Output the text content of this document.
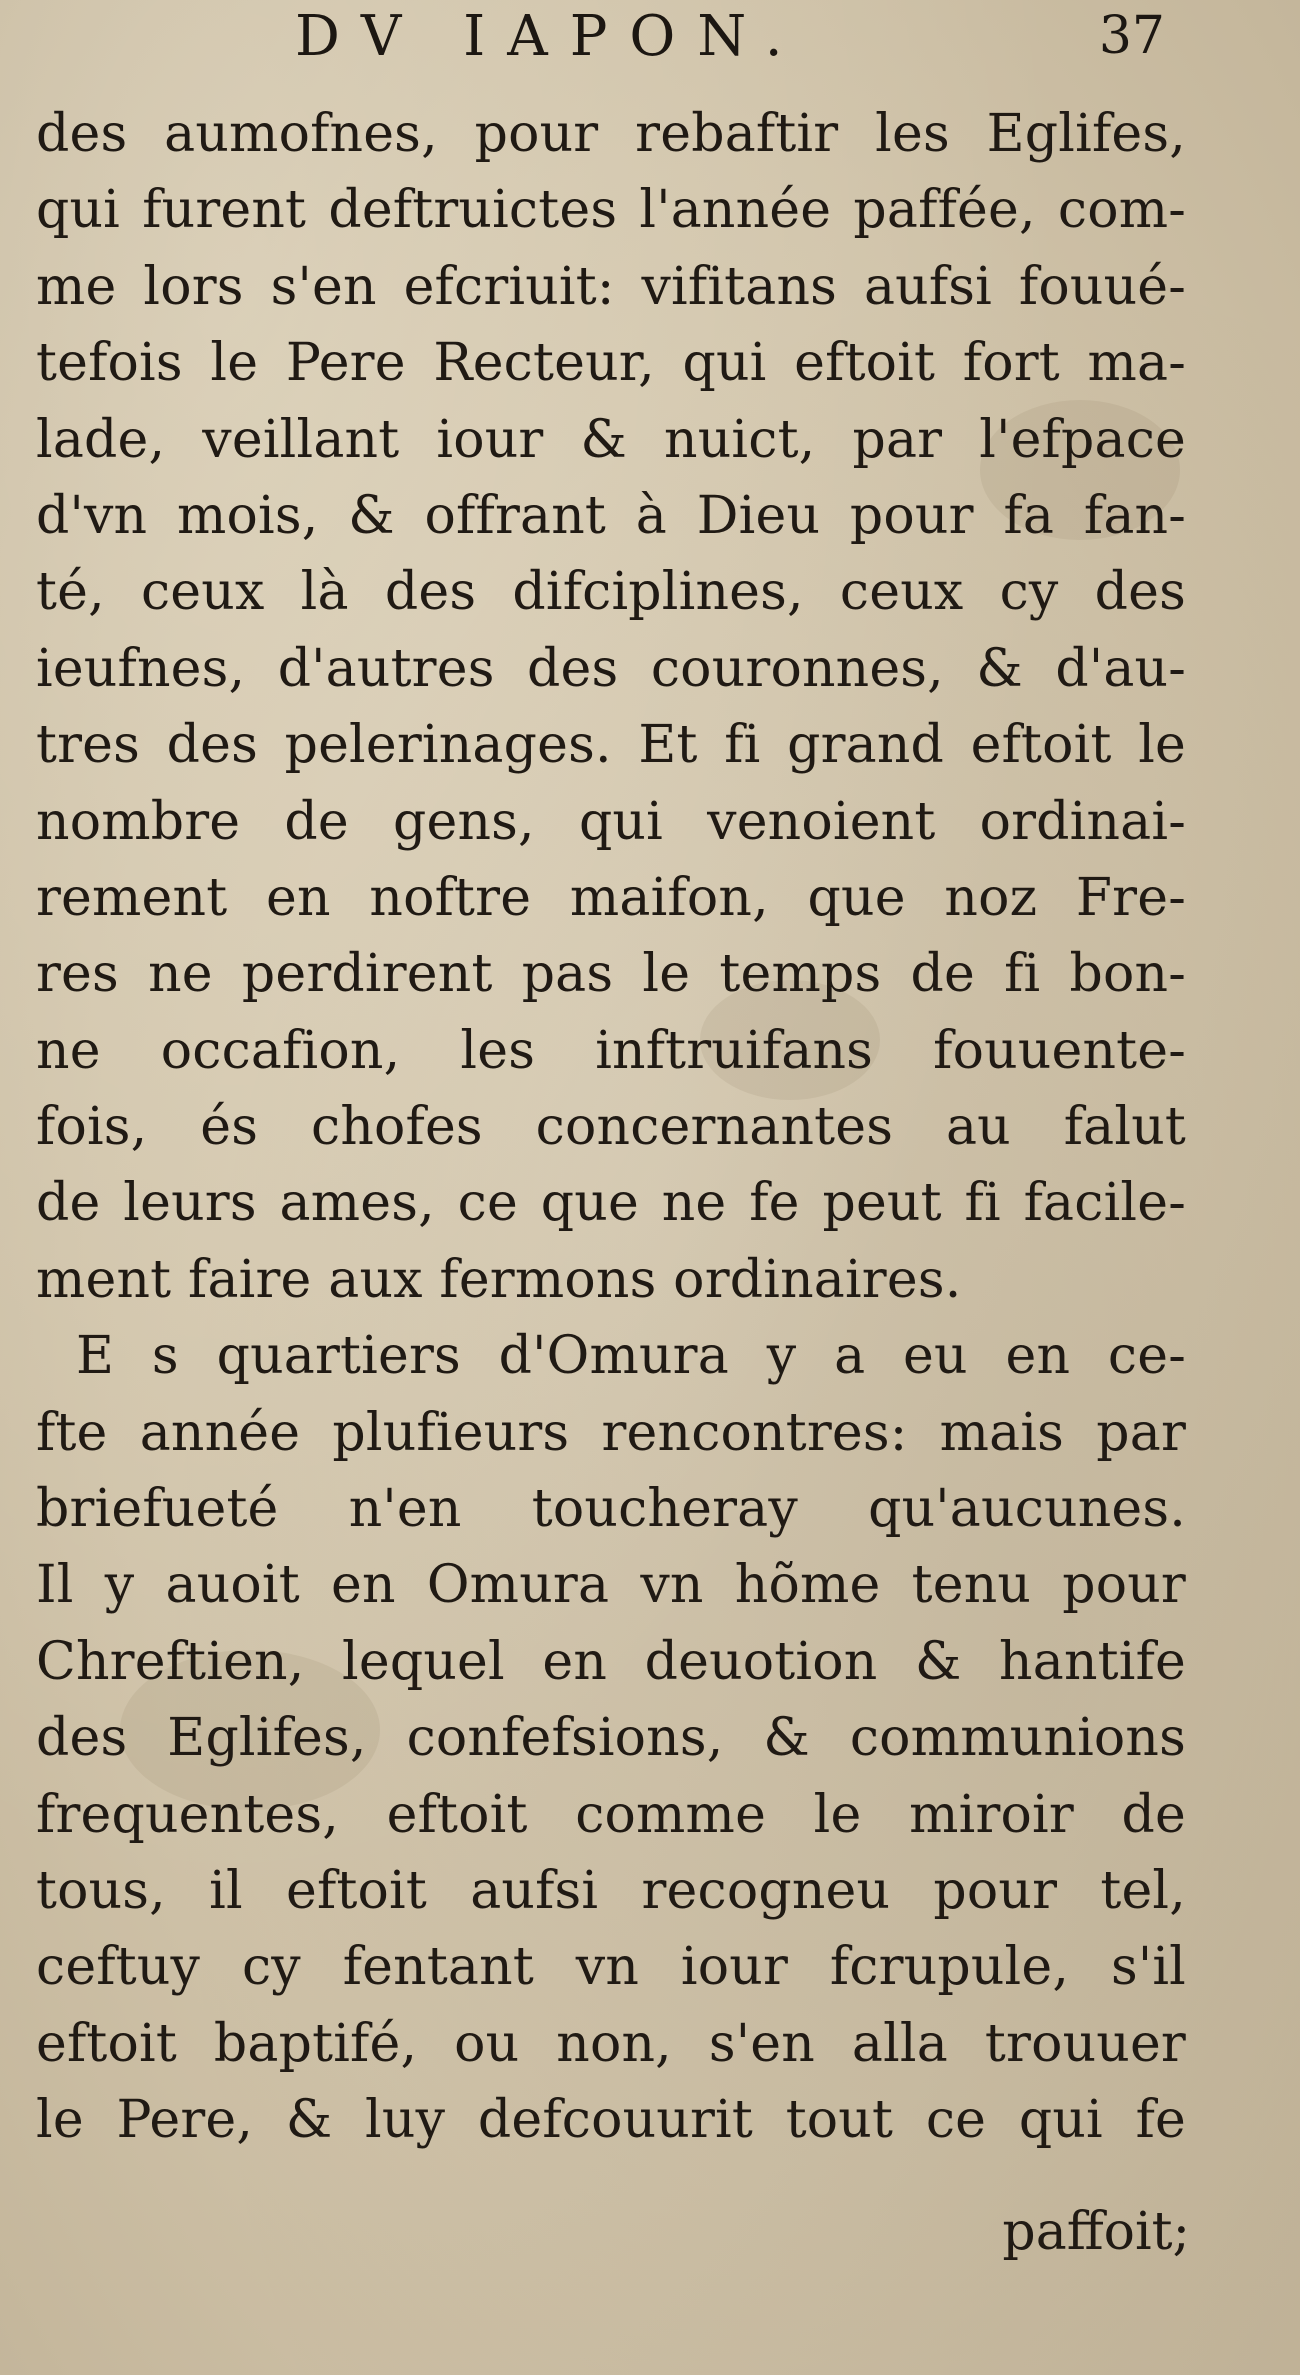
DV IAPON.	37
des aumofnes, pour rebaftir les Eglifes,
qui furent deftruictes l'année paffée, com-
me lors s'en efcriuit: vifitans aufsi fouué-
tefois le Pere Recteur, qui eftoit fort ma-
lade, veillant iour & nuict, par l'efpace
d'vn mois, & offrant à Dieu pour fa fan-
té, ceux là des difciplines, ceux cy des
ieufnes, d'autres des couronnes, & d'au-
tres des pelerinages. Et fi grand eftoit le
nombre de gens, qui venoient ordinai-
rement en noftre maifon, que noz Fre-
res ne perdirent pas le temps de fi bon-
ne occafion, les inftruifans fouuente-
fois, és chofes concernantes au falut
de leurs ames, ce que ne fe peut fi facile-
ment faire aux fermons ordinaires.
E s quartiers d'Omura y a eu en ce-
fte année plufieurs rencontres: mais par
briefueté n'en toucheray qu'aucunes.
Il y auoit en Omura vn hõme tenu pour
Chreftien, lequel en deuotion & hantife
des Eglifes, confefsions, & communions
frequentes, eftoit comme le miroir de
tous, il eftoit aufsi recogneu pour tel,
ceftuy cy fentant vn iour fcrupule, s'il
eftoit baptifé, ou non, s'en alla trouuer
le Pere, & luy defcouurit tout ce qui fe
paffoit;
